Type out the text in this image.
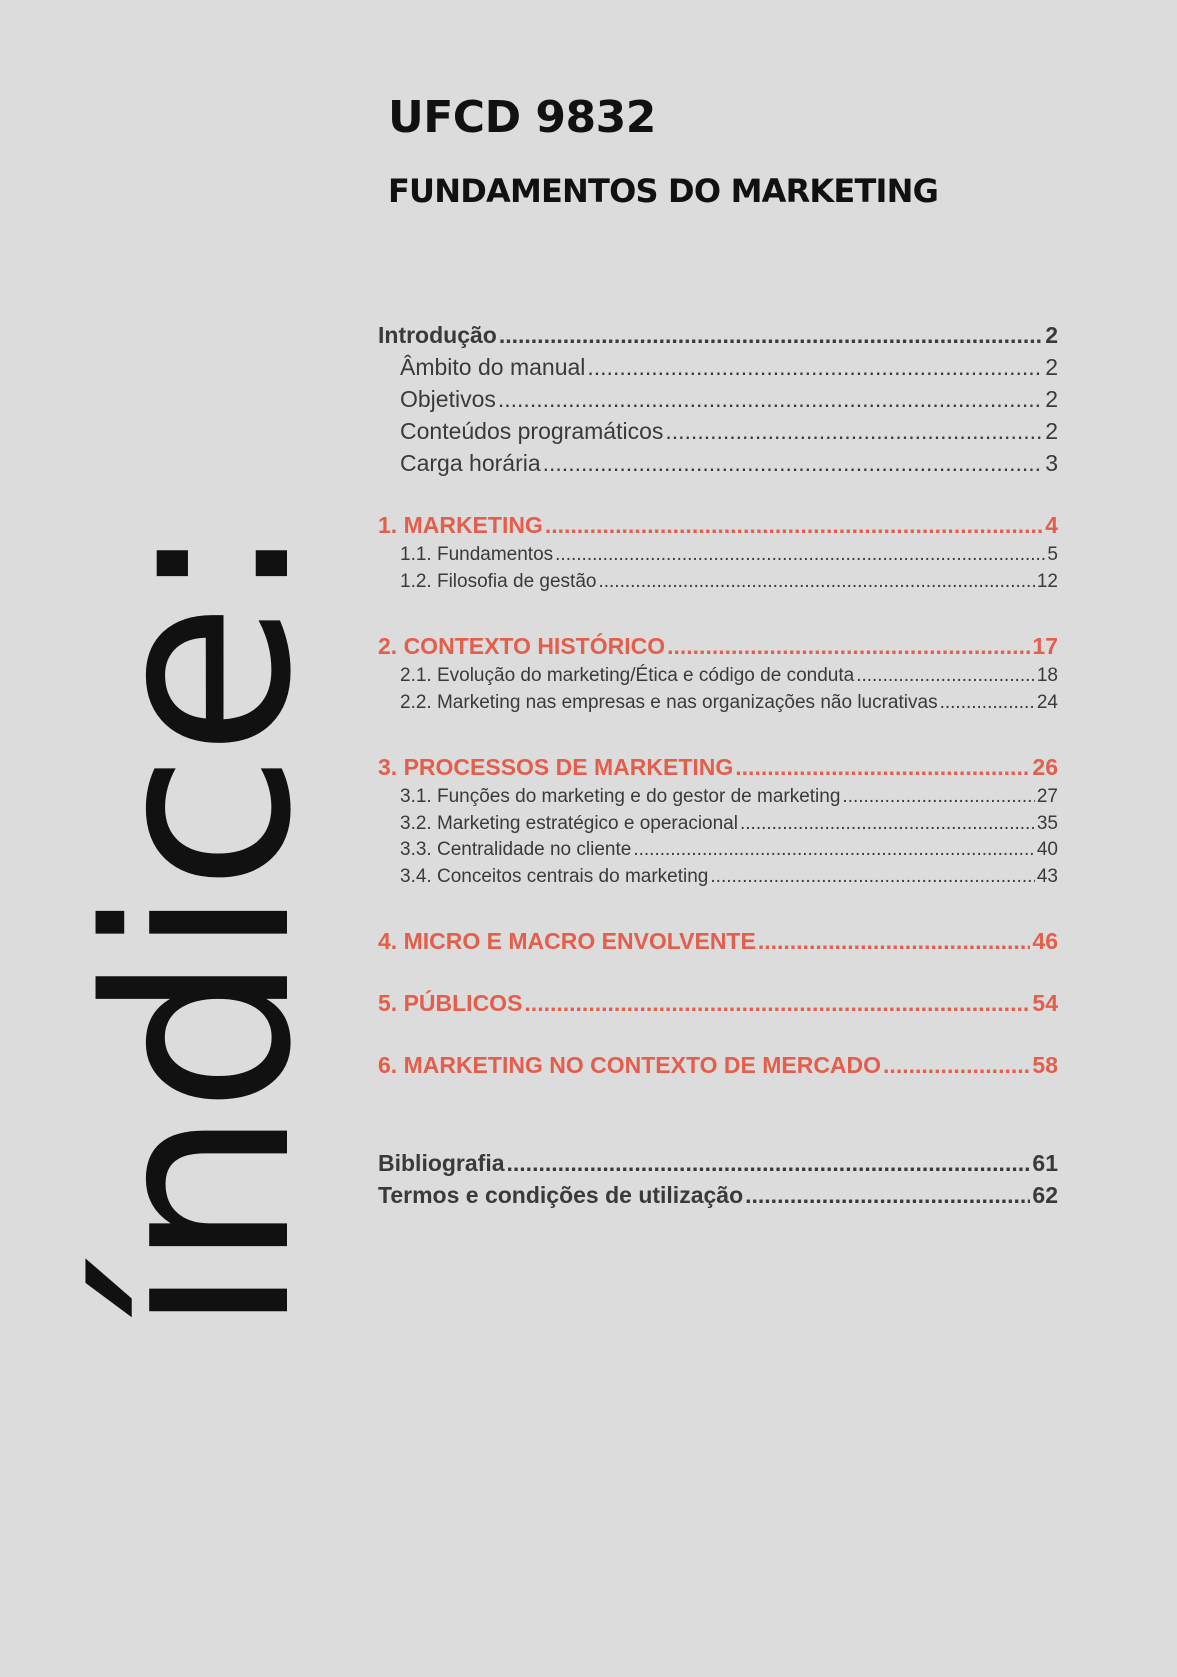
UFCD 9832
FUNDAMENTOS DO MARKETING
índice:
Introdução .....	2
Âmbito do manual .....	2
Objetivos .....	2
Conteúdos programáticos .....	2
Carga horária .....	3
1. MARKETING .....	4
1.1. Fundamentos .....	5
1.2. Filosofia de gestão .....	12
2. CONTEXTO HISTÓRICO .....	17
2.1. Evolução do marketing/Ética e código de conduta .....	18
2.2. Marketing nas empresas e nas organizações não lucrativas .....	24
3. PROCESSOS DE MARKETING .....	26
3.1. Funções do marketing e do gestor de marketing .....	27
3.2. Marketing estratégico e operacional .....	35
3.3. Centralidade no cliente .....	40
3.4. Conceitos centrais do marketing .....	43
4. MICRO E MACRO ENVOLVENTE .....	46
5. PÚBLICOS .....	54
6. MARKETING NO CONTEXTO DE MERCADO .....	58
Bibliografia .....	61
Termos e condições de utilização .....	62
